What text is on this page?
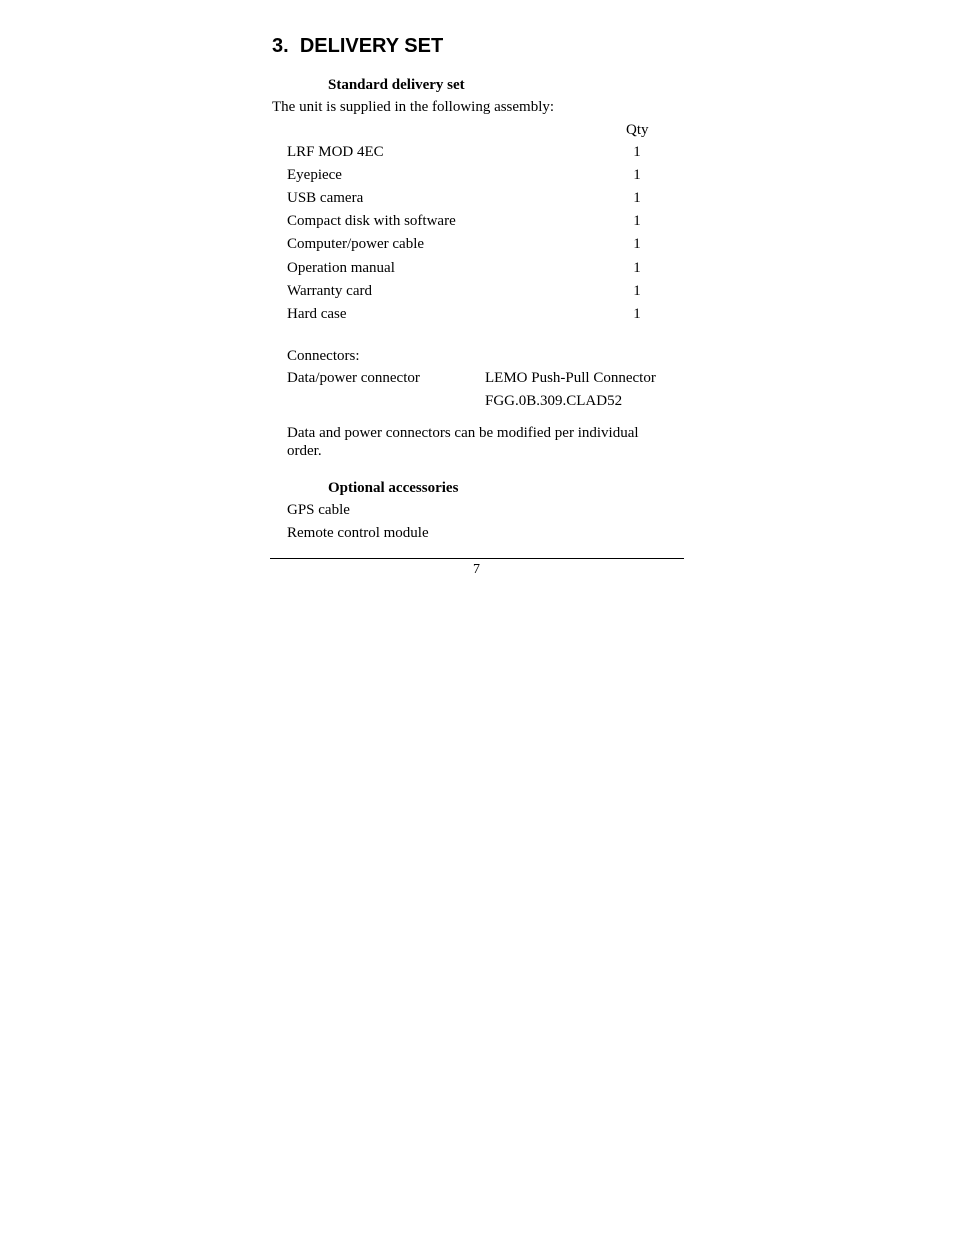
3. DELIVERY SET
Standard delivery set
The unit is supplied in the following assembly:
Qty
LRF MOD 4EC	1
Eyepiece	1
USB camera	1
Compact disk with software	1
Computer/power cable	1
Operation manual	1
Warranty card	1
Hard case	1
Connectors:
Data/power connector	LEMO Push-Pull Connector
FGG.0B.309.CLAD52
Data and power connectors can be modified per individual
order.
Optional accessories
GPS cable
Remote control module
7
